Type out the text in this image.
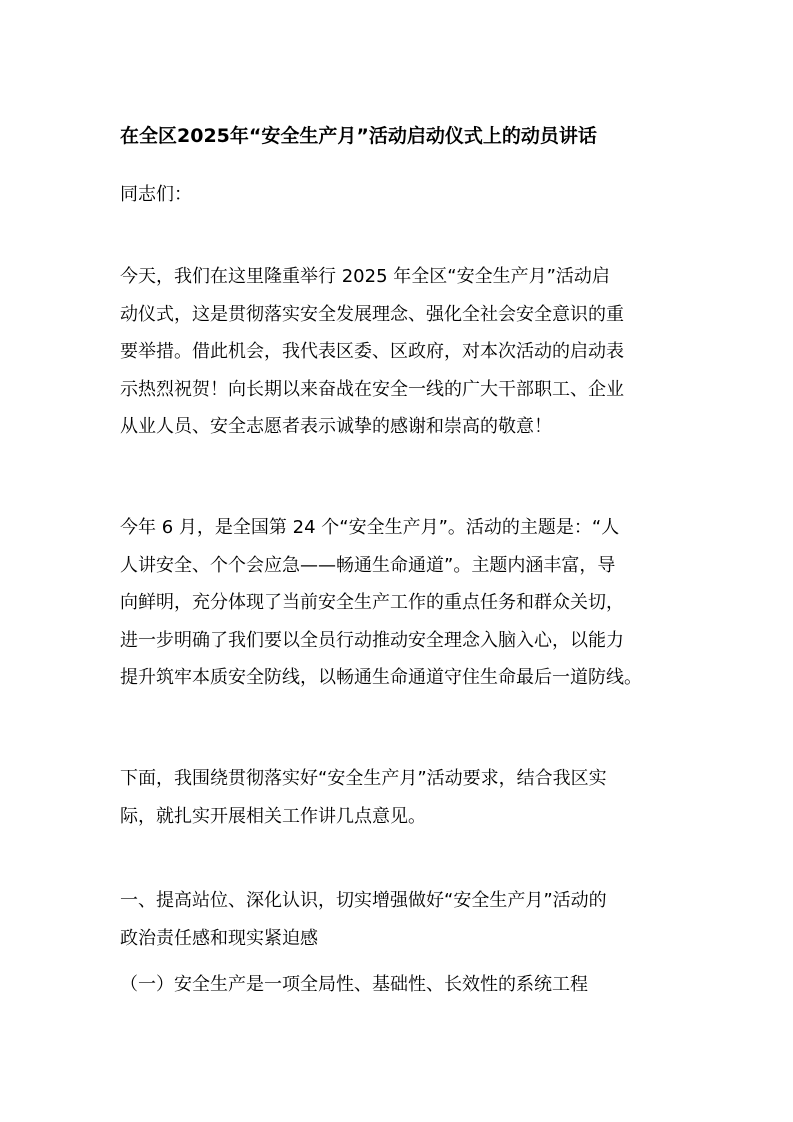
在全区2025年“安全生产月”活动启动仪式上的动员讲话

同志们：

今天，我们在这里隆重举行 2025 年全区“安全生产月”活动启
动仪式，这是贯彻落实安全发展理念、强化全社会安全意识的重
要举措。借此机会，我代表区委、区政府，对本次活动的启动表
示热烈祝贺！向长期以来奋战在安全一线的广大干部职工、企业
从业人员、安全志愿者表示诚挚的感谢和崇高的敬意！

今年 6 月，是全国第 24 个“安全生产月”。活动的主题是：“人
人讲安全、个个会应急——畅通生命通道”。主题内涵丰富，导
向鲜明，充分体现了当前安全生产工作的重点任务和群众关切，
进一步明确了我们要以全员行动推动安全理念入脑入心，以能力
提升筑牢本质安全防线，以畅通生命通道守住生命最后一道防线。

下面，我围绕贯彻落实好“安全生产月”活动要求，结合我区实
际，就扎实开展相关工作讲几点意见。

一、提高站位、深化认识，切实增强做好“安全生产月”活动的
政治责任感和现实紧迫感

（一）安全生产是一项全局性、基础性、长效性的系统工程
